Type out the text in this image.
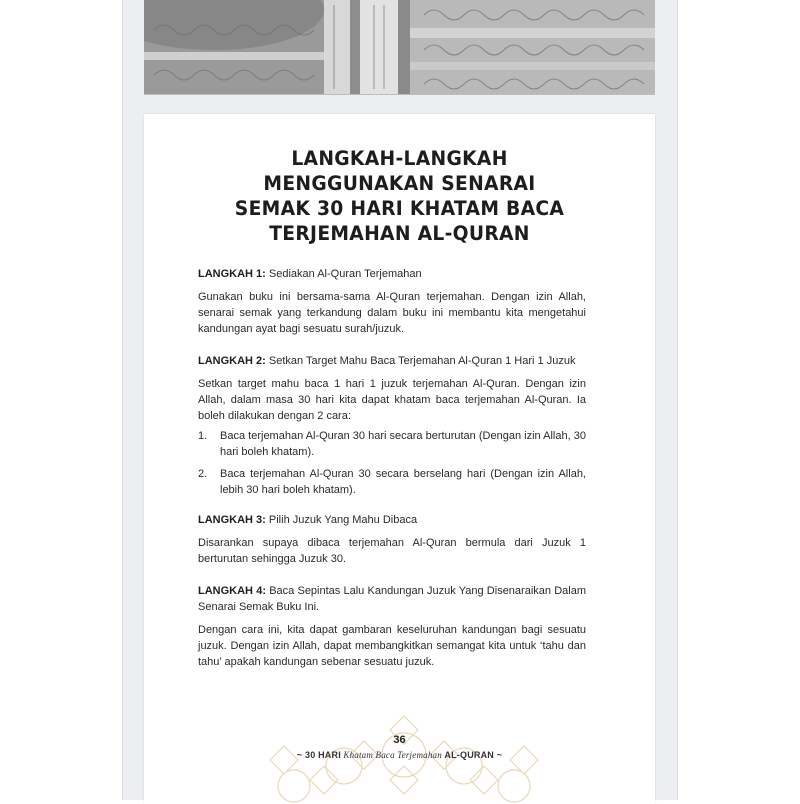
LANGKAH-LANGKAH
MENGGUNAKAN SENARAI
SEMAK 30 HARI KHATAM BACA
TERJEMAHAN AL-QURAN

LANGKAH 1: Sediakan Al-Quran Terjemahan

Gunakan buku ini bersama-sama Al-Quran terjemahan. Dengan izin Allah, senarai semak yang terkandung dalam buku ini membantu kita mengetahui kandungan ayat bagi sesuatu surah/juzuk.

LANGKAH 2: Setkan Target Mahu Baca Terjemahan Al-Quran 1 Hari 1 Juzuk

Setkan target mahu baca 1 hari 1 juzuk terjemahan Al-Quran. Dengan izin Allah, dalam masa 30 hari kita dapat khatam baca terjemahan Al-Quran. Ia boleh dilakukan dengan 2 cara:

1. Baca terjemahan Al-Quran 30 hari secara berturutan (Dengan izin Allah, 30 hari boleh khatam).
2. Baca terjemahan Al-Quran 30 secara berselang hari (Dengan izin Allah, lebih 30 hari boleh khatam).

LANGKAH 3: Pilih Juzuk Yang Mahu Dibaca

Disarankan supaya dibaca terjemahan Al-Quran bermula dari Juzuk 1 berturutan sehingga Juzuk 30.

LANGKAH 4: Baca Sepintas Lalu Kandungan Juzuk Yang Disenaraikan Dalam Senarai Semak Buku Ini.

Dengan cara ini, kita dapat gambaran keseluruhan kandungan bagi sesuatu juzuk. Dengan izin Allah, dapat membangkitkan semangat kita untuk ‘tahu dan tahu’ apakah kandungan sebenar sesuatu juzuk.

36
~ 30 HARI Khatam Baca Terjemahan AL-QURAN ~
